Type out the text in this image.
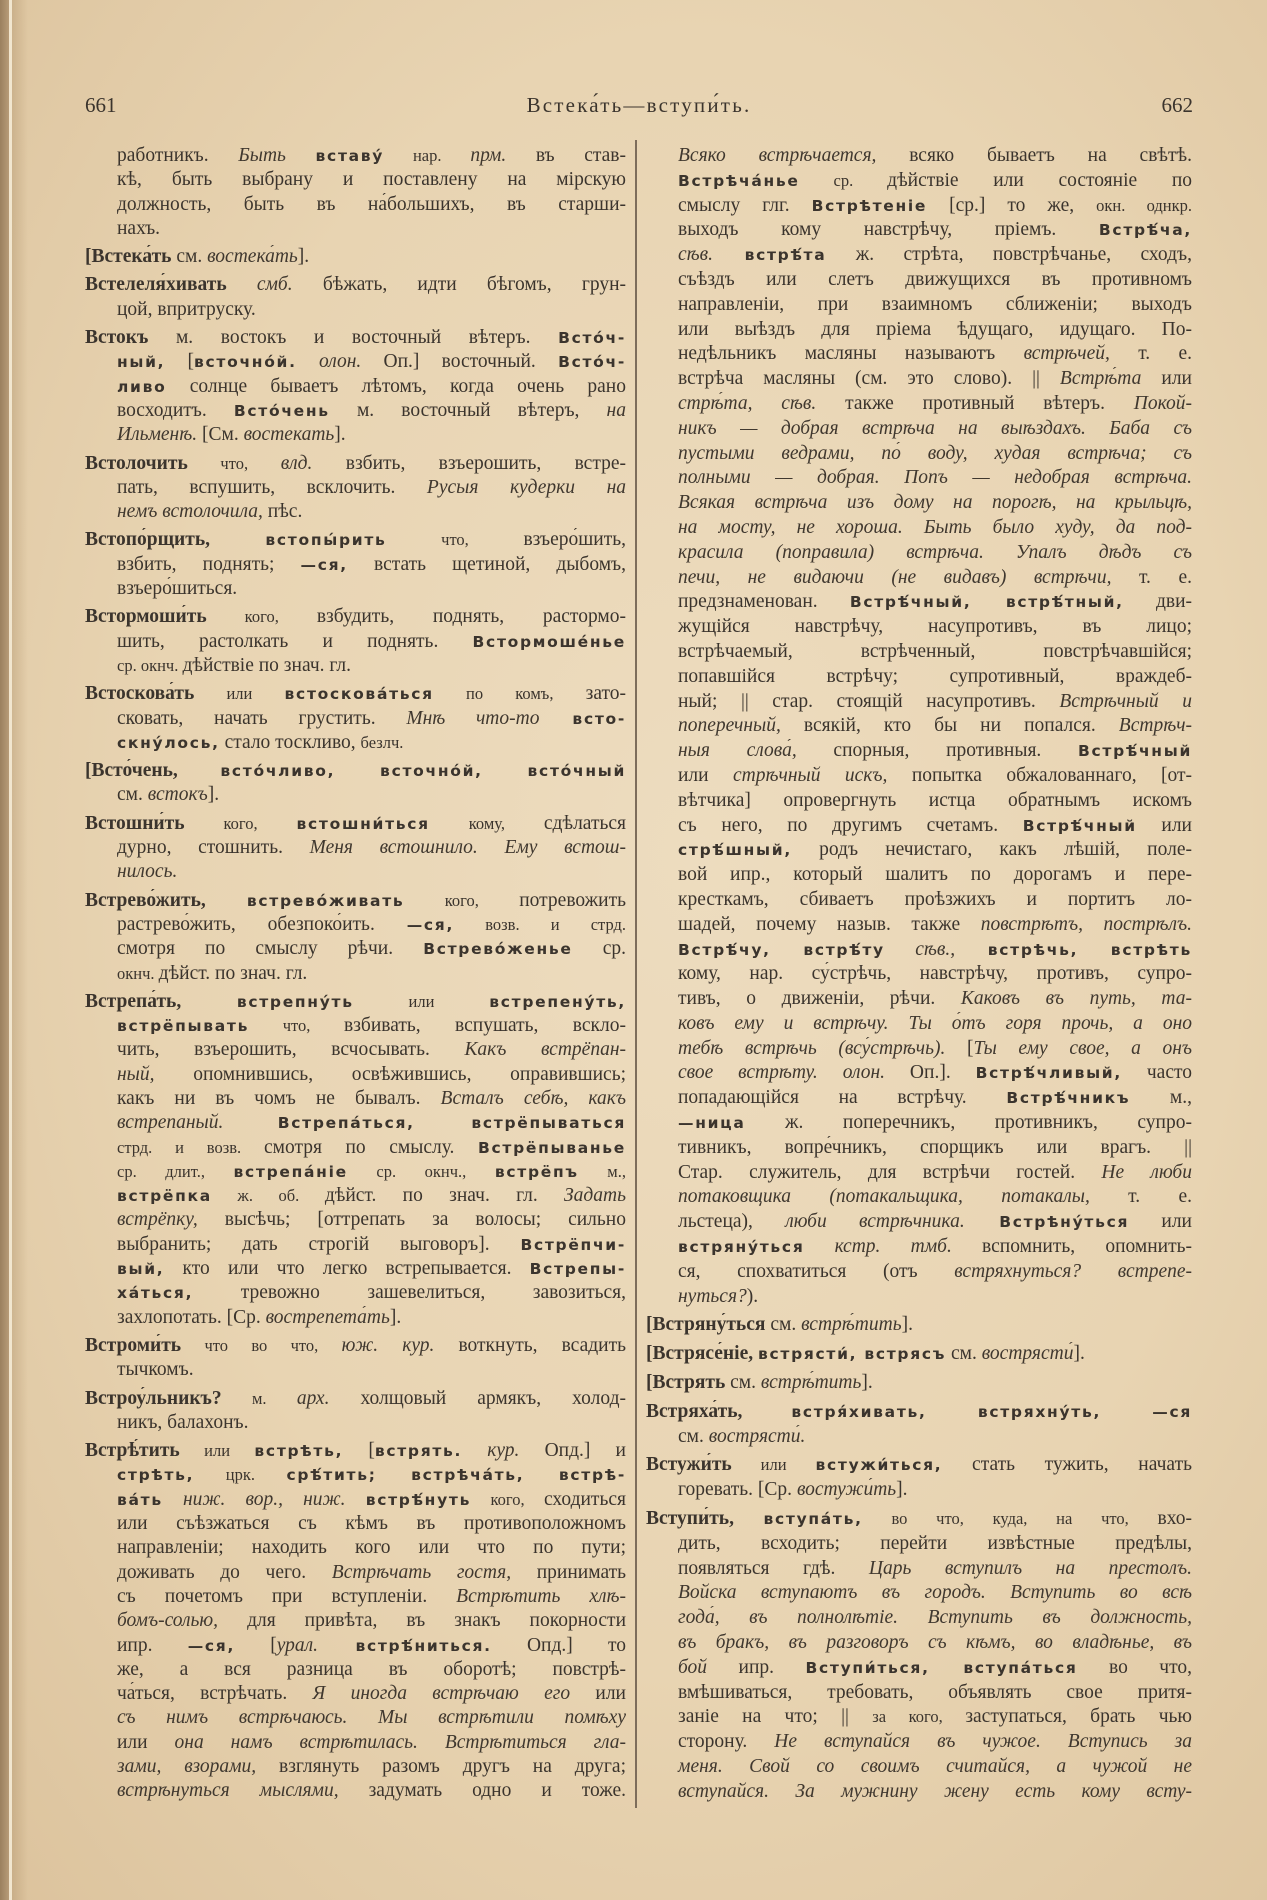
661	Встека́ть—вступи́ть.	662
работникъ. Быть вставу́ нар. прм. въ став-
кѣ, быть выбрану и поставлену на мірскую
должность, быть въ на́большихъ, въ старши-
нахъ.
[Встека́ть см. востека́ть].
Встелеля́хивать смб. бѣжать, идти бѣгомъ, грун-
цой, впритруску.
Встокъ м. востокъ и восточный вѣтеръ. Всто́ч-
ный, [всточно́й. олон. Оп.] восточный. Всто́ч-
ливо солнце бываетъ лѣтомъ, когда очень рано
восходитъ. Всто́чень м. восточный вѣтеръ, на
Ильменѣ. [См. востекать].
Встолочить что, влд. взбить, взъерошить, встре-
пать, вспушить, всклочить. Русыя кудерки на
немъ встолочила, пѣс.
Встопо́рщить, встопы́рить что, взъеро́шить,
взбить, поднять; —ся, встать щетиной, дыбомъ,
взъеро́шиться.
Встормоши́ть кого, взбудить, поднять, растормо-
шить, растолкать и поднять. Встормоше́нье
ср. окнч. дѣйствіе по знач. гл.
Встоскова́ть или встоскова́ться по комъ, зато-
сковать, начать грустить. Мнѣ что-то всто-
скну́лось, стало тоскливо, безлч.
[Всто́чень, всто́чливо, всточно́й, всто́чный
см. встокъ].
Встошни́ть кого, встошни́ться кому, сдѣлаться
дурно, стошнить. Меня встошнило. Ему встош-
нилось.
Встрево́жить, встрево́живать кого, потревожить
растрево́жить, обезпоко́ить. —ся, возв. и стрд.
смотря по смыслу рѣчи. Встрево́женье ср.
окнч. дѣйст. по знач. гл.
Встрепа́ть, встрепну́ть или встрепену́ть,
встрёпывать что, взбивать, вспушать, вскло-
чить, взъерошить, всчосывать. Какъ встрёпан-
ный, опомнившись, освѣжившись, оправившись;
какъ ни въ чомъ не бывалъ. Всталъ себѣ, какъ
встрепаный. Встрепа́ться, встрёпываться
стрд. и возв. смотря по смыслу. Встрёпыванье
ср. длит., встрепа́ніе ср. окнч., встрёпъ м.,
встрёпка ж. об. дѣйст. по знач. гл. Задать
встрёпку, высѣчь; [оттрепать за волосы; сильно
выбранить; дать строгій выговоръ]. Встрёпчи-
вый, кто или что легко встрепывается. Встрепы-
ха́ться, тревожно зашевелиться, завозиться,
захлопотать. [Ср. вострепета́ть].
Встроми́ть что во что, юж. кур. воткнуть, всадить
тычкомъ.
Встроу́льникъ? м. арх. холщовый армякъ, холод-
никъ, балахонъ.
Встрѣ́тить или встрѣть, [встрять. кур. Опд.] и
стрѣть, црк. срѣ́тить; встрѣча́ть, встрѣ-
ва́ть ниж. вор., ниж. встрѣ́нуть кого, сходиться
или съѣзжаться съ кѣмъ въ противоположномъ
направленіи; находить кого или что по пути;
доживать до чего. Встрѣчать гостя, принимать
съ почетомъ при вступленіи. Встрѣтить хлѣ-
бомъ-солью, для привѣта, въ знакъ покорности
ипр. —ся, [урал. встрѣ́ниться. Опд.] то
же, а вся разница въ оборотѣ; повстрѣ-
ча́ться, встрѣчать. Я иногда встрѣчаю его или
съ нимъ встрѣчаюсь. Мы встрѣтили помѣху
или она намъ встрѣтилась. Встрѣтиться гла-
зами, взорами, взглянуть разомъ другъ на друга;
встрѣнуться мыслями, задумать одно и тоже.
Всяко встрѣчается, всяко бываетъ на свѣтѣ.
Встрѣча́нье ср. дѣйствіе или состояніе по
смыслу глг. Встрѣтеніе [ср.] то же, окн. однкр.
выходъ кому навстрѣчу, пріемъ. Встрѣ́ча,
сѣв. встрѣ́та ж. стрѣта, повстрѣчанье, сходъ,
съѣздъ или слетъ движущихся въ противномъ
направленіи, при взаимномъ сближеніи; выходъ
или выѣздъ для пріема ѣдущаго, идущаго. По-
недѣльникъ масляны называютъ встрѣчей, т. е.
встрѣча масляны (см. это слово). || Встрѣ́та или
стрѣ́та, сѣв. также противный вѣтеръ. Покой-
никъ — добрая встрѣча на выѣздахъ. Баба съ
пустыми ведрами, по́ воду, худая встрѣча; съ
полными — добрая. Попъ — недобрая встрѣча.
Всякая встрѣча изъ дому на порогѣ, на крыльцѣ,
на мосту, не хороша. Быть было худу, да под-
красила (поправила) встрѣча. Упалъ дѣдъ съ
печи, не видаючи (не видавъ) встрѣчи, т. е.
предзнаменован. Встрѣ́чный, встрѣ́тный, дви-
жущійся навстрѣчу, насупротивъ, въ лицо;
встрѣчаемый, встрѣченный, повстрѣчавшійся;
попавшійся встрѣчу; супротивный, враждеб-
ный; || стар. стоящій насупротивъ. Встрѣчный и
поперечный, всякій, кто бы ни попался. Встрѣч-
ныя слова́, спорныя, противныя. Встрѣ́чный
или стрѣчный искъ, попытка обжалованнаго, [от-
вѣтчика] опровергнуть истца обратнымъ искомъ
съ него, по другимъ счетамъ. Встрѣ́чный или
стрѣ́шный, родъ нечистаго, какъ лѣшій, поле-
вой ипр., который шалитъ по дорогамъ и пере-
кресткамъ, сбиваетъ проѣзжихъ и портитъ ло-
шадей, почему назыв. также повстрѣтъ, пострѣлъ.
Встрѣ́чу, встрѣ́ту сѣв., встрѣчь, встрѣть
кому, нар. су́стрѣчь, навстрѣчу, противъ, супро-
тивъ, о движеніи, рѣчи. Каковъ въ путь, та-
ковъ ему и встрѣчу. Ты о́тъ горя прочь, а оно
тебѣ встрѣчь (всу́стрѣчь). [Ты ему свое, а онъ
свое встрѣту. олон. Оп.]. Встрѣ́чливый, часто
попадающійся на встрѣчу. Встрѣ́чникъ м.,
—ница ж. поперечникъ, противникъ, супро-
тивникъ, вопре́чникъ, спорщикъ или врагъ. ||
Стар. служитель, для встрѣчи гостей. Не люби
потаковщика (потакальщика, потакалы, т. е.
льстеца), люби встрѣчника. Встрѣну́ться или
встряну́ться кстр. тмб. вспомнить, опомнить-
ся, спохватиться (отъ встряхнуться? встрепе-
нуться?).
[Встряну́ться см. встрѣ́тить].
[Встрясе́ніе, встрясти́, встрясъ см. вострясти́].
[Встрять см. встрѣ́тить].
Встряха́ть, встря́хивать, встряхну́ть, —ся
см. вострясти́.
Встужи́ть или встужи́ться, стать тужить, начать
горевать. [Ср. востужи́ть].
Вступи́ть, вступа́ть, во что, куда, на что, вхо-
дить, всходить; перейти извѣстные предѣлы,
появляться гдѣ. Царь вступилъ на престолъ.
Войска вступаютъ въ городъ. Вступить во всѣ
года́, въ полнолѣтіе. Вступить въ должность,
въ бракъ, въ разговоръ съ кѣмъ, во владѣнье, въ
бой ипр. Вступи́ться, вступа́ться во что,
вмѣшиваться, требовать, объявлять свое притя-
заніе на что; || за кого, заступаться, брать чью
сторону. Не вступайся въ чужое. Вступись за
меня. Свой со своимъ считайся, а чужой не
вступайся. За мужнину жену есть кому всту-
